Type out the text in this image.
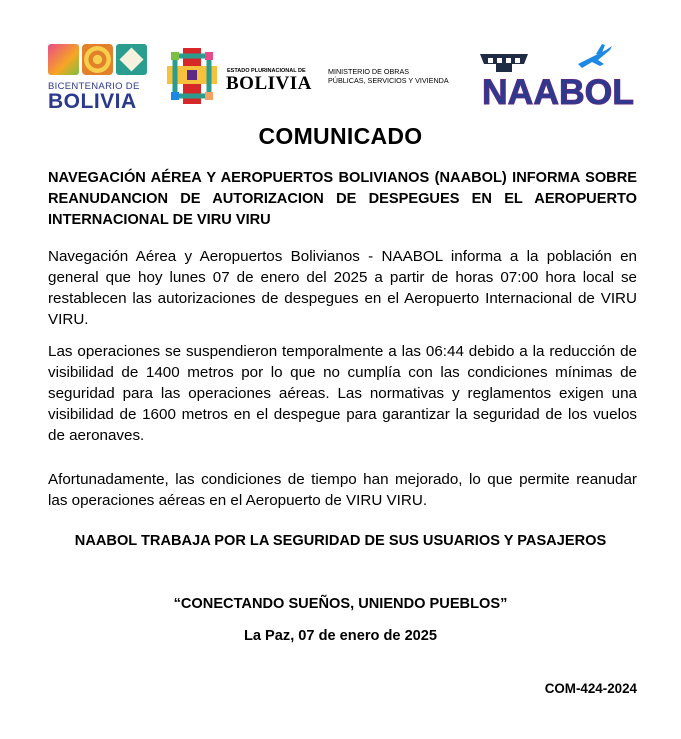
BICENTENARIO DE
BOLIVIA
ESTADO PLURINACIONAL DE
BOLIVIA
MINISTERIO DE OBRAS
PÚBLICAS, SERVICIOS Y VIVIENDA NAABOL
COMUNICADO
NAVEGACIÓN AÉREA Y AEROPUERTOS BOLIVIANOS (NAABOL) INFORMA SOBRE REANUDANCION DE AUTORIZACION DE DESPEGUES EN EL AEROPUERTO INTERNACIONAL DE VIRU VIRU

Navegación Aérea y Aeropuertos Bolivianos - NAABOL informa a la población en general que hoy lunes 07 de enero del 2025 a partir de horas 07:00 hora local se restablecen las autorizaciones de despegues en el Aeropuerto Internacional de VIRU VIRU.

Las operaciones se suspendieron temporalmente a las 06:44 debido a la reducción de visibilidad de 1400 metros por lo que no cumplía con las condiciones mínimas de seguridad para las operaciones aéreas. Las normativas y reglamentos exigen una visibilidad de 1600 metros en el despegue para garantizar la seguridad de los vuelos de aeronaves.

Afortunadamente, las condiciones de tiempo han mejorado, lo que permite reanudar las operaciones aéreas en el Aeropuerto de VIRU VIRU.

NAABOL TRABAJA POR LA SEGURIDAD DE SUS USUARIOS Y PASAJEROS
“CONECTANDO SUEÑOS, UNIENDO PUEBLOS”
La Paz, 07 de enero de 2025
COM-424-2024
